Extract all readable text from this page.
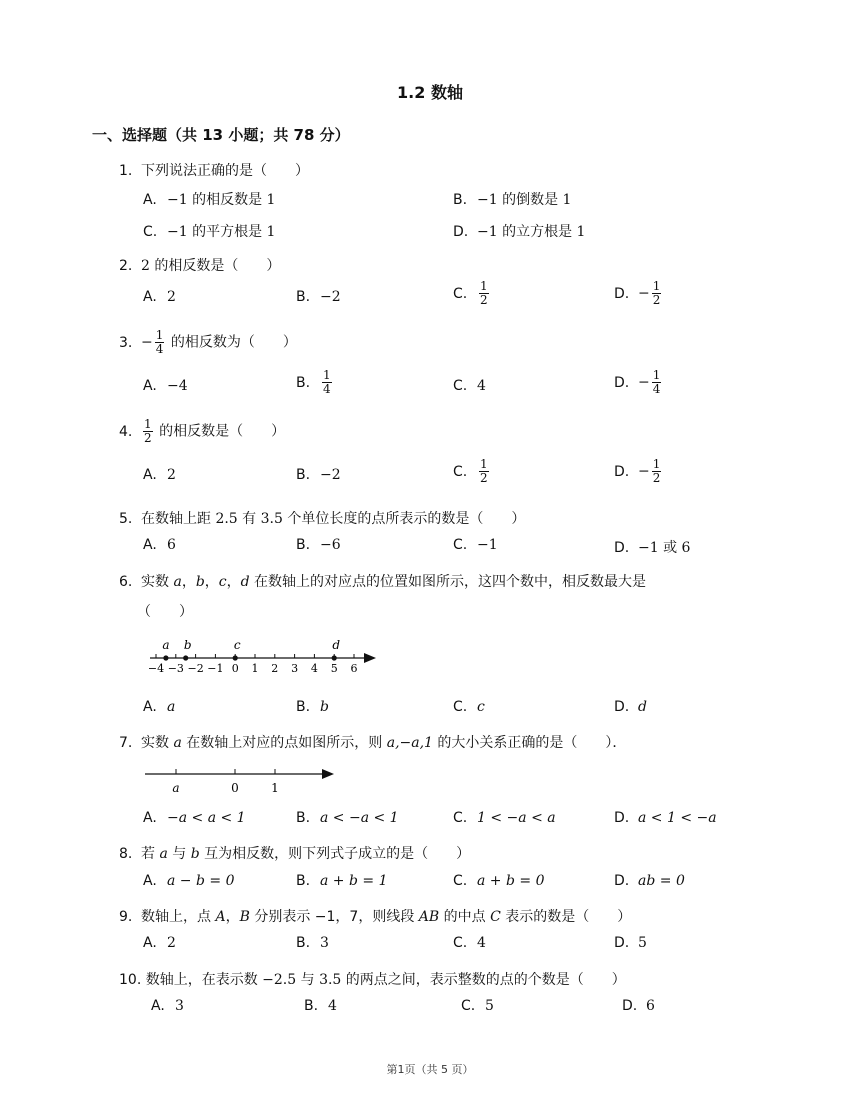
1.2 数轴
一、选择题（共 13 小题；共 78 分）
1. 下列说法正确的是（　　）
A. −1 的相反数是 1	B. −1 的倒数是 1
C. −1 的平方根是 1	D. −1 的立方根是 1
2. 2 的相反数是（　　）
A. 2	B. −2	C. $\frac{1}{2}$	D. − $\frac{1}{2}$
3. − $\frac{1}{4}$ 的相反数为（　　）
A. −4	B. $\frac{1}{4}$	C. 4	D. − $\frac{1}{4}$
4. $\frac{1}{2}$ 的相反数是（　　）
A. 2	B. −2	C. $\frac{1}{2}$	D. − $\frac{1}{2}$
5. 在数轴上距 2.5 有 3.5 个单位长度的点所表示的数是（　　）
A. 6	B. −6	C. −1	D. −1 或 6
6. 实数 a，b，c，d 在数轴上的对应点的位置如图所示，这四个数中，相反数最大是
（　　）
−4 −3 −2 −1 0 1 2 3 4 5 6
a b	c	d
A. a	B. b	C. c	D. d
7. 实数 a 在数轴上对应的点如图所示，则 a,−a,1 的大小关系正确的是（　　）．
a	0	1
A. −a < a < 1	B. a < −a < 1	C. 1 < −a < a	D. a < 1 < −a
8. 若 a 与 b 互为相反数，则下列式子成立的是（　　）
A. a − b = 0	B. a + b = 1	C. a + b = 0	D. ab = 0
9. 数轴上，点 A，B 分别表示 −1，7，则线段 AB 的中点 C 表示的数是（　　）
A. 2	B. 3	C. 4	D. 5
10. 数轴上，在表示数 −2.5 与 3.5 的两点之间，表示整数的点的个数是（　　）
A. 3	B. 4	C. 5	D. 6
第1页（共 5 页）
